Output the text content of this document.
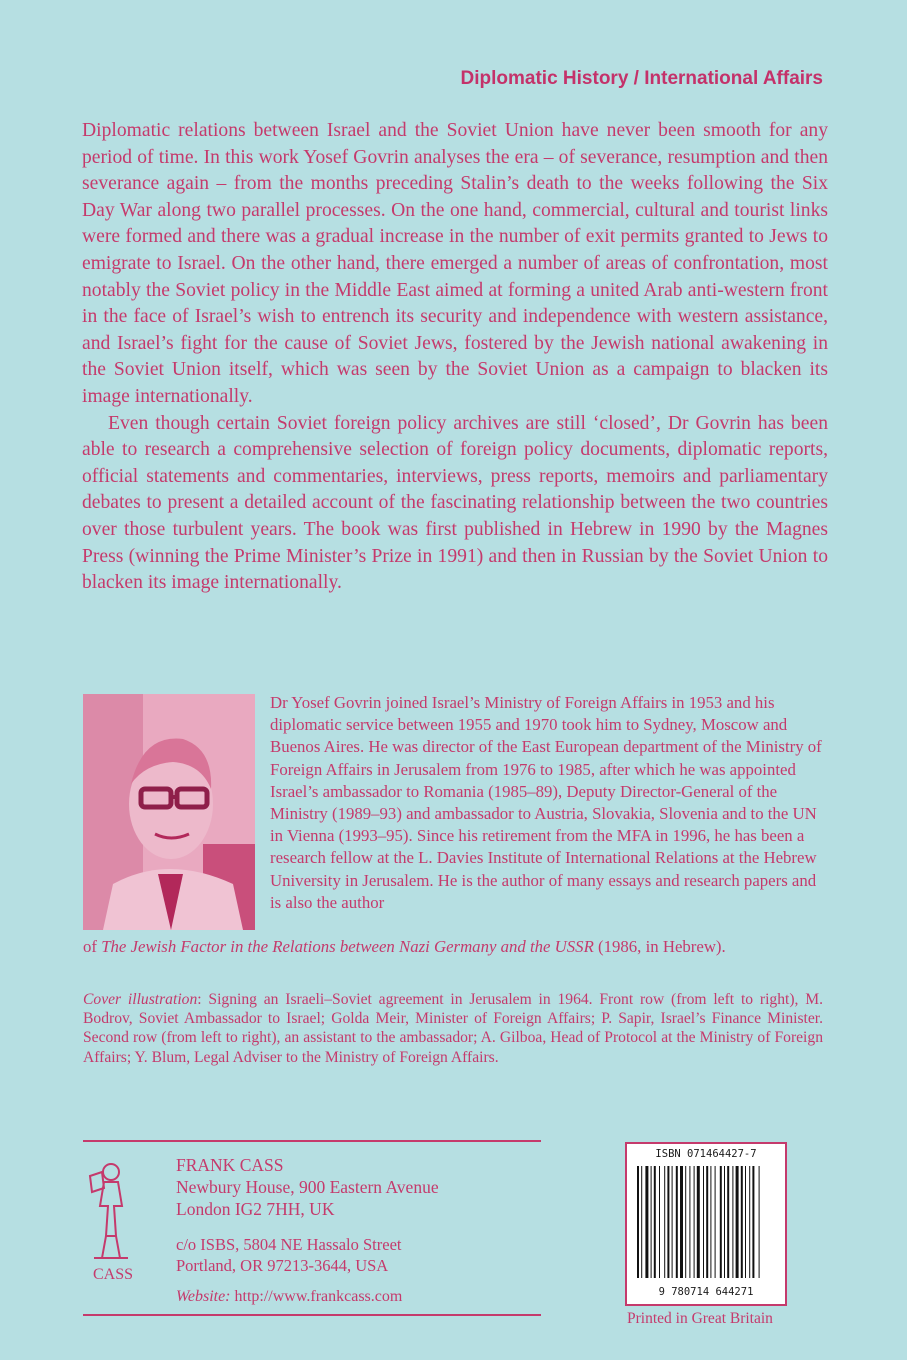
Diplomatic History / International Affairs

Diplomatic relations between Israel and the Soviet Union have never been smooth for any period of time. In this work Yosef Govrin analyses the era – of severance, resumption and then severance again – from the months preceding Stalin’s death to the weeks following the Six Day War along two parallel processes. On the one hand, commercial, cultural and tourist links were formed and there was a gradual increase in the number of exit permits granted to Jews to emigrate to Israel. On the other hand, there emerged a number of areas of confrontation, most notably the Soviet policy in the Middle East aimed at forming a united Arab anti-western front in the face of Israel’s wish to entrench its security and independence with western assistance, and Israel’s fight for the cause of Soviet Jews, fostered by the Jewish national awakening in the Soviet Union itself, which was seen by the Soviet Union as a campaign to blacken its image internationally.

Even though certain Soviet foreign policy archives are still ‘closed’, Dr Govrin has been able to research a comprehensive selection of foreign policy documents, diplomatic reports, official statements and commentaries, interviews, press reports, memoirs and parliamentary debates to present a detailed account of the fascinating relationship between the two countries over those turbulent years. The book was first published in Hebrew in 1990 by the Magnes Press (winning the Prime Minister’s Prize in 1991) and then in Russian by the Soviet Union to blacken its image internationally.

Dr Yosef Govrin joined Israel’s Ministry of Foreign Affairs in 1953 and his diplomatic service between 1955 and 1970 took him to Sydney, Moscow and Buenos Aires. He was director of the East European department of the Ministry of Foreign Affairs in Jerusalem from 1976 to 1985, after which he was appointed Israel’s ambassador to Romania (1985–89), Deputy Director-General of the Ministry (1989–93) and ambassador to Austria, Slovakia, Slovenia and to the UN in Vienna (1993–95). Since his retirement from the MFA in 1996, he has been a research fellow at the L. Davies Institute of International Relations at the Hebrew University in Jerusalem. He is the author of many essays and research papers and is also the author

of The Jewish Factor in the Relations between Nazi Germany and the USSR (1986, in Hebrew).

Cover illustration: Signing an Israeli–Soviet agreement in Jerusalem in 1964. Front row (from left to right), M. Bodrov, Soviet Ambassador to Israel; Golda Meir, Minister of Foreign Affairs; P. Sapir, Israel’s Finance Minister. Second row (from left to right), an assistant to the ambassador; A. Gilboa, Head of Protocol at the Ministry of Foreign Affairs; Y. Blum, Legal Adviser to the Ministry of Foreign Affairs.

CASS

FRANK CASS

Newbury House, 900 Eastern Avenue

London IG2 7HH, UK

c/o ISBS, 5804 NE Hassalo Street

Portland, OR 97213-3644, USA

Website: http://www.frankcass.com

ISBN 071464427-7

9 780714 644271

Printed in Great Britain
